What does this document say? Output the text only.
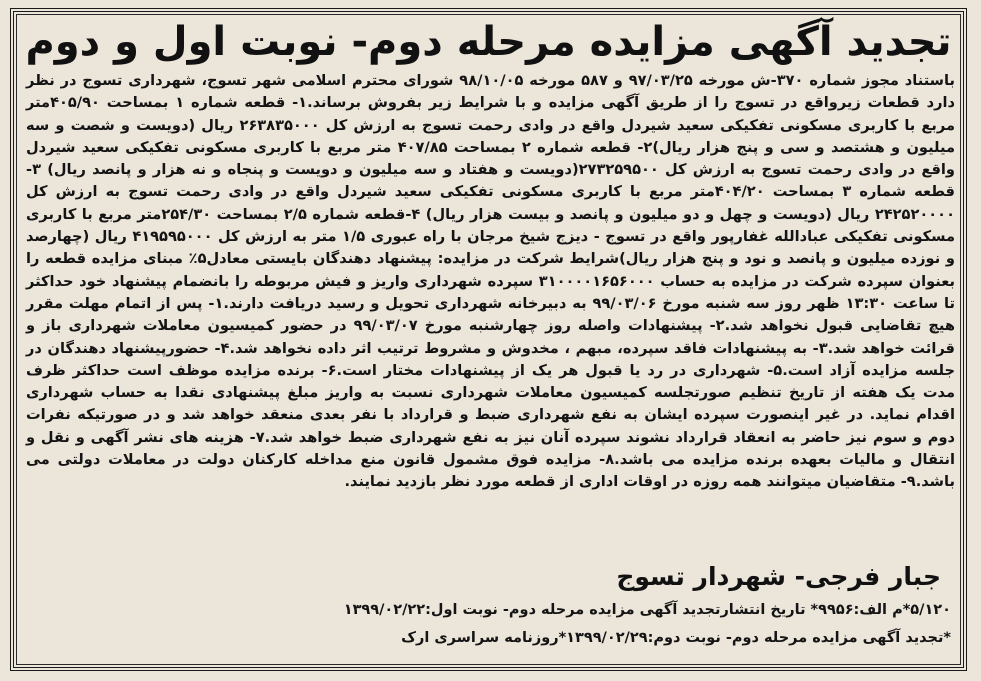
تجدید آگهی مزایده مرحله دوم- نوبت اول و دوم
باستناد مجوز شماره ۳۷۰-ش مورخه ۹۷/۰۳/۲۵ و ۵۸۷ مورخه ۹۸/۱۰/۰۵ شورای محترم اسلامی شهر تسوج، شهرداری تسوج در نظر دارد قطعات زیرواقع در تسوج را از طریق آگهی مزایده و با شرایط زیر بفروش برساند.۱- قطعه شماره ۱ بمساحت ۴۰۵/۹۰متر مربع با کاربری مسکونی تفکیکی سعید شیردل واقع در وادی رحمت تسوج به ارزش کل ۲۶۳۸۳۵۰۰۰ ریال (دویست و شصت و سه میلیون و هشتصد و سی و پنج هزار ریال)۲- قطعه شماره ۲ بمساحت ۴۰۷/۸۵ متر مربع با کاربری مسکونی تفکیکی سعید شیردل واقع در وادی رحمت تسوج به ارزش کل ۲۷۳۲۵۹۵۰۰(دویست و هفتاد و سه میلیون و دویست و پنجاه و نه هزار و پانصد ریال) ۳-قطعه شماره ۳ بمساحت ۴۰۴/۲۰متر مربع با کاربری مسکونی تفکیکی سعید شیردل واقع در وادی رحمت تسوج به ارزش کل ۲۴۲۵۲۰۰۰۰ ریال (دویست و چهل و دو میلیون و پانصد و بیست هزار ریال) ۴-قطعه شماره ۲/۵ بمساحت ۲۵۴/۳۰متر مربع با کاربری مسکونی تفکیکی عبادالله غفارپور واقع در تسوج - دیزج شیخ مرجان با راه عبوری ۱/۵ متر به ارزش کل ۴۱۹۵۹۵۰۰۰ ریال (چهارصد و نوزده میلیون و پانصد و نود و پنج هزار ریال)شرایط شرکت در مزایده: پیشنهاد دهندگان بایستی معادل۵٪ مبنای مزایده قطعه را بعنوان سپرده شرکت در مزایده به حساب ۳۱۰۰۰۰۱۶۵۶۰۰۰ سپرده شهرداری واریز و فیش مربوطه را بانضمام پیشنهاد خود حداکثر تا ساعت ۱۳:۳۰ ظهر روز سه شنبه مورخ ۹۹/۰۳/۰۶ به دبیرخانه شهرداری تحویل و رسید دریافت دارند.۱- پس از اتمام مهلت مقرر هیچ تقاضایی قبول نخواهد شد.۲- پیشنهادات واصله روز چهارشنبه مورخ ۹۹/۰۳/۰۷ در حضور کمیسیون معاملات شهرداری باز و قرائت خواهد شد.۳- به پیشنهادات فاقد سپرده، مبهم ، مخدوش و مشروط ترتیب اثر داده نخواهد شد.۴- حضورپیشنهاد دهندگان در جلسه مزایده آزاد است.۵- شهرداری در رد یا قبول هر یک از پیشنهادات مختار است.۶- برنده مزایده موظف است حداکثر ظرف مدت یک هفته از تاریخ تنظیم صورتجلسه کمیسیون معاملات شهرداری نسبت به واریز مبلغ پیشنهادی نقدا به حساب شهرداری اقدام نماید. در غیر اینصورت سپرده ایشان به نفع شهرداری ضبط و قرارداد با نفر بعدی منعقد خواهد شد و در صورتیکه نفرات دوم و سوم نیز حاضر به انعقاد قرارداد نشوند سپرده آنان نیز به نفع شهرداری ضبط خواهد شد.۷- هزینه های نشر آگهی و نقل و انتقال و مالیات بعهده برنده مزایده می باشد.۸- مزایده فوق مشمول قانون منع مداخله کارکنان دولت در معاملات دولتی می باشد.۹- متقاضیان میتوانند همه روزه در اوقات اداری از قطعه مورد نظر بازدید نمایند.
جبار فرجی- شهردار تسوج
۵/۱۲۰*م الف:۹۹۵۶* تاریخ انتشارتجدید آگهی مزایده مرحله دوم- نوبت اول:۱۳۹۹/۰۲/۲۲
*تجدید آگهی مزایده مرحله دوم- نوبت دوم:۱۳۹۹/۰۲/۲۹*روزنامه سراسری ارک
